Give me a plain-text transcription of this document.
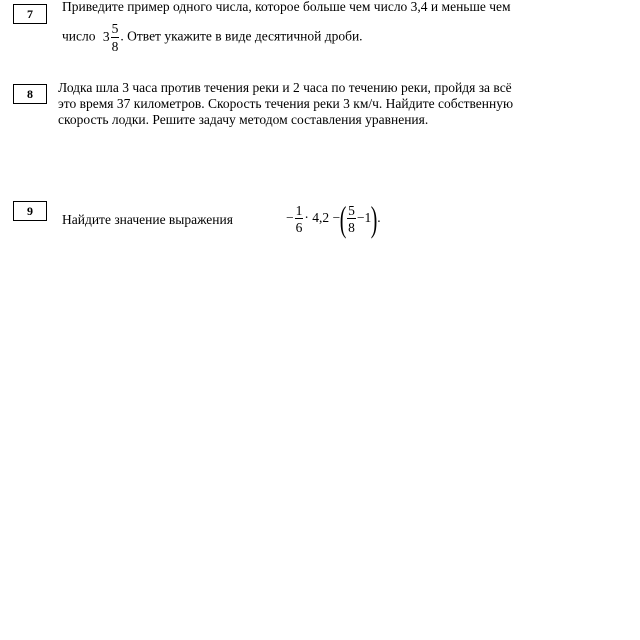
7	Приведите пример одного числа, которое больше чем число 3,4 и меньше чем
число $3 \frac{5}{8}$ . Ответ укажите в виде десятичной дроби.
8	Лодка шла 3 часа против течения реки и 2 часа по течению реки, пройдя за всё
это время 37 километров. Скорость течения реки 3 км/ч. Найдите собственную
скорость лодки. Решите задачу методом составления уравнения.
9
Найдите значение выражения	− $\frac{1}{6} \cdot 4,2$ −( $\frac{5}{8} -1$).
